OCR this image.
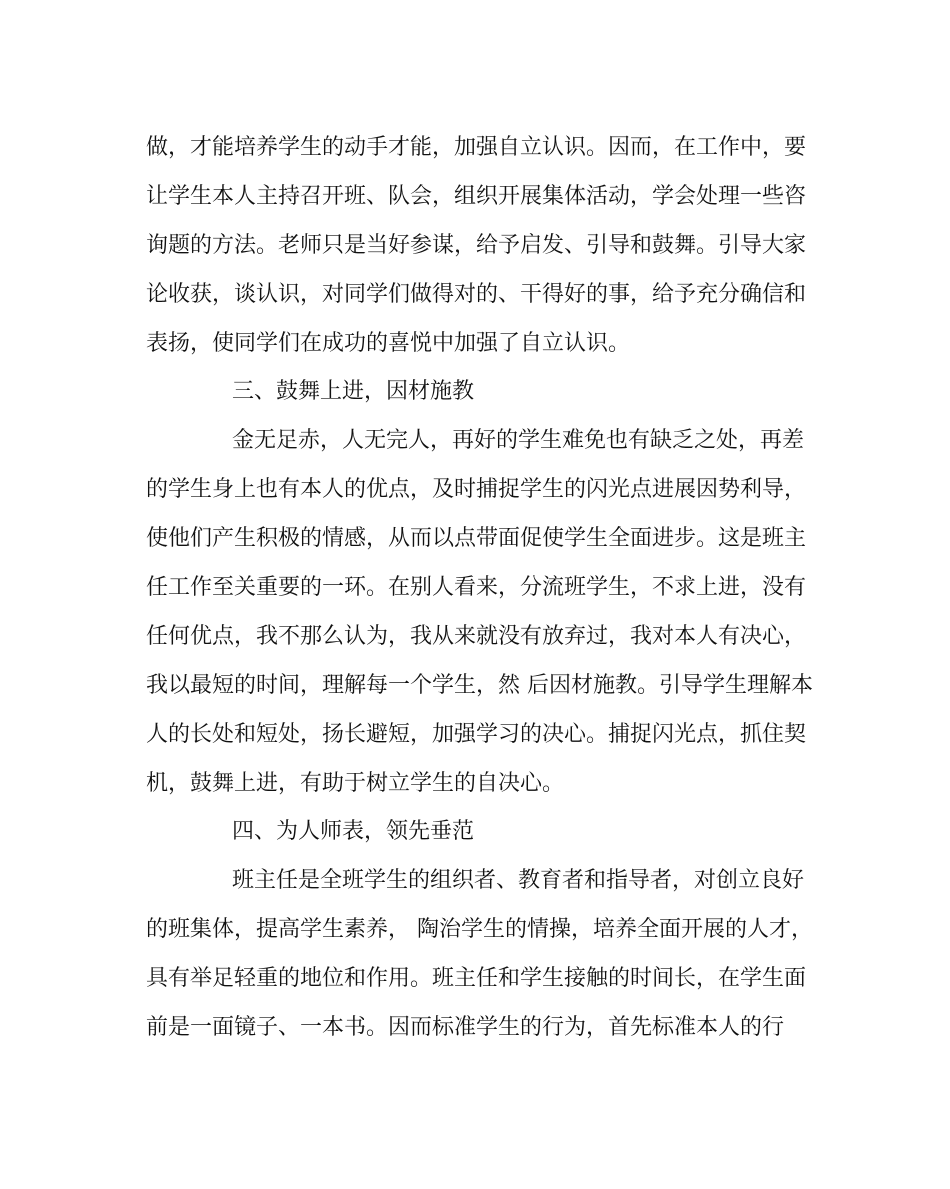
做，才能培养学生的动手才能，加强自立认识。因而，在工作中，要
让学生本人主持召开班、队会，组织开展集体活动，学会处理一些咨
询题的方法。老师只是当好参谋，给予启发、引导和鼓舞。引导大家
论收获，谈认识，对同学们做得对的、干得好的事，给予充分确信和
表扬，使同学们在成功的喜悦中加强了自立认识。
三、鼓舞上进，因材施教
金无足赤，人无完人，再好的学生难免也有缺乏之处，再差
的学生身上也有本人的优点，及时捕捉学生的闪光点进展因势利导，
使他们产生积极的情感，从而以点带面促使学生全面进步。这是班主
任工作至关重要的一环。在别人看来，分流班学生，不求上进，没有
任何优点，我不那么认为，我从来就没有放弃过，我对本人有决心，
我以最短的时间，理解每一个学生，然 后因材施教。引导学生理解本
人的长处和短处，扬长避短，加强学习的决心。捕捉闪光点，抓住契
机，鼓舞上进，有助于树立学生的自决心。
四、为人师表，领先垂范
班主任是全班学生的组织者、教育者和指导者，对创立良好
的班集体，提高学生素养， 陶治学生的情操，培养全面开展的人才，
具有举足轻重的地位和作用。班主任和学生接触的时间长，在学生面
前是一面镜子、一本书。因而标准学生的行为，首先标准本人的行
